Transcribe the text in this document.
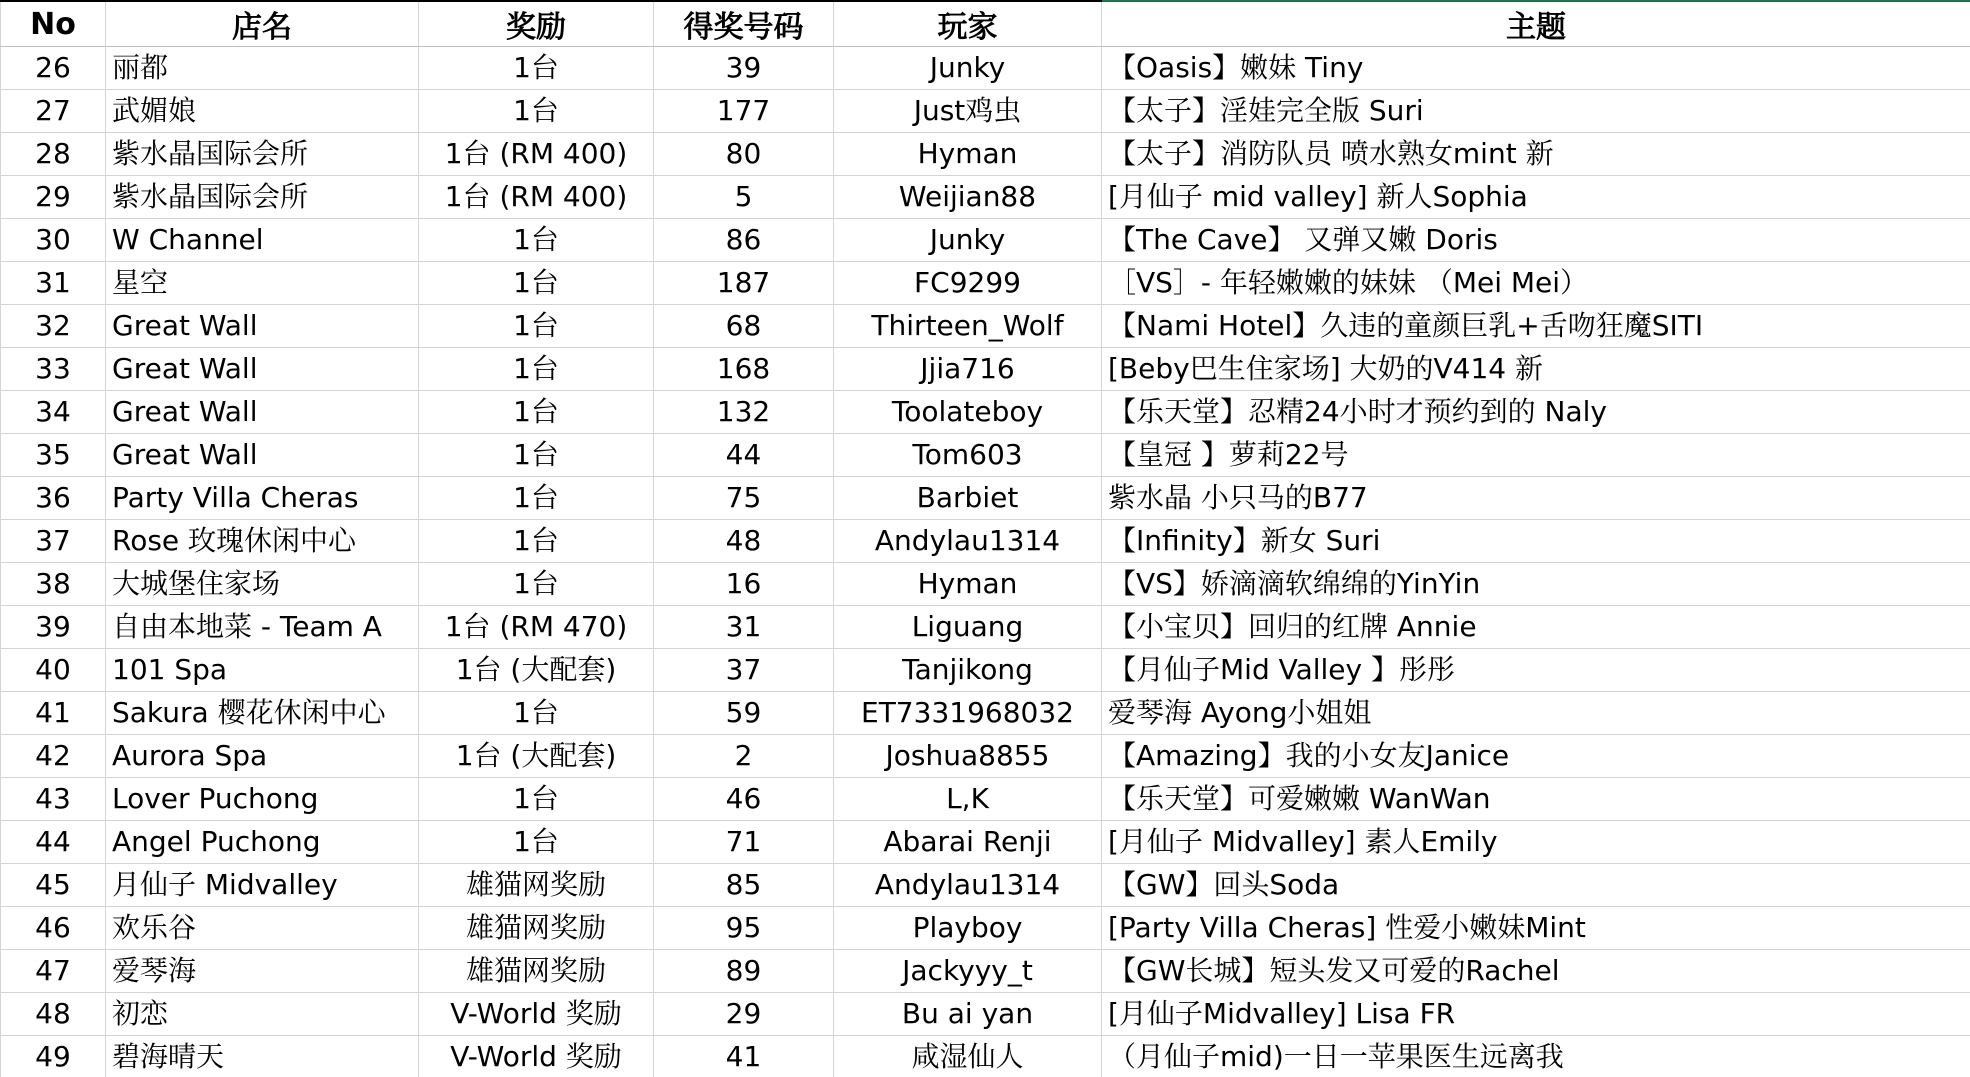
No	店名	奖励	得奖号码	玩家	主题
26	丽都	1台	39	Junky	【Oasis】嫩妹 Tiny
27	武媚娘	1台	177	Just鸡虫	【太子】淫娃完全版 Suri
28	紫水晶国际会所	1台 (RM 400)	80	Hyman	【太子】消防队员 喷水熟女mint 新
29	紫水晶国际会所	1台 (RM 400)	5	Weijian88	[月仙子 mid valley] 新人Sophia
30	W Channel	1台	86	Junky	【The Cave】 又弹又嫩 Doris
31	星空	1台	187	FC9299	［VS］- 年轻嫩嫩的妹妹 （Mei Mei）
32	Great Wall	1台	68	Thirteen_Wolf	【Nami Hotel】久违的童颜巨乳+舌吻狂魔SITI
33	Great Wall	1台	168	Jjia716	[Beby巴生住家场] 大奶的V414 新
34	Great Wall	1台	132	Toolateboy	【乐天堂】忍精24小时才预约到的 Naly
35	Great Wall	1台	44	Tom603	【皇冠 】萝莉22号
36	Party Villa Cheras	1台	75	Barbiet	紫水晶 小只马的B77
37	Rose 玫瑰休闲中心	1台	48	Andylau1314	【Infinity】新女 Suri
38	大城堡住家场	1台	16	Hyman	【VS】娇滴滴软绵绵的YinYin
39	自由本地菜 - Team A	1台 (RM 470)	31	Liguang	【小宝贝】回归的红牌 Annie
40	101 Spa	1台 (大配套)	37	Tanjikong	【月仙子Mid Valley 】彤彤
41	Sakura 樱花休闲中心	1台	59	ET7331968032	爱琴海 Ayong小姐姐
42	Aurora Spa	1台 (大配套)	2	Joshua8855	【Amazing】我的小女友Janice
43	Lover Puchong	1台	46	L,K	【乐天堂】可爱嫩嫩 WanWan
44	Angel Puchong	1台	71	Abarai Renji	[月仙子 Midvalley] 素人Emily
45	月仙子 Midvalley	雄猫网奖励	85	Andylau1314	【GW】回头Soda
46	欢乐谷	雄猫网奖励	95	Playboy	[Party Villa Cheras] 性爱小嫩妹Mint
47	爱琴海	雄猫网奖励	89	Jackyyy_t	【GW长城】短头发又可爱的Rachel
48	初恋	V-World 奖励	29	Bu ai yan	[月仙子Midvalley] Lisa FR
49	碧海晴天	V-World 奖励	41	咸湿仙人	（月仙子mid)一日一苹果医生远离我
